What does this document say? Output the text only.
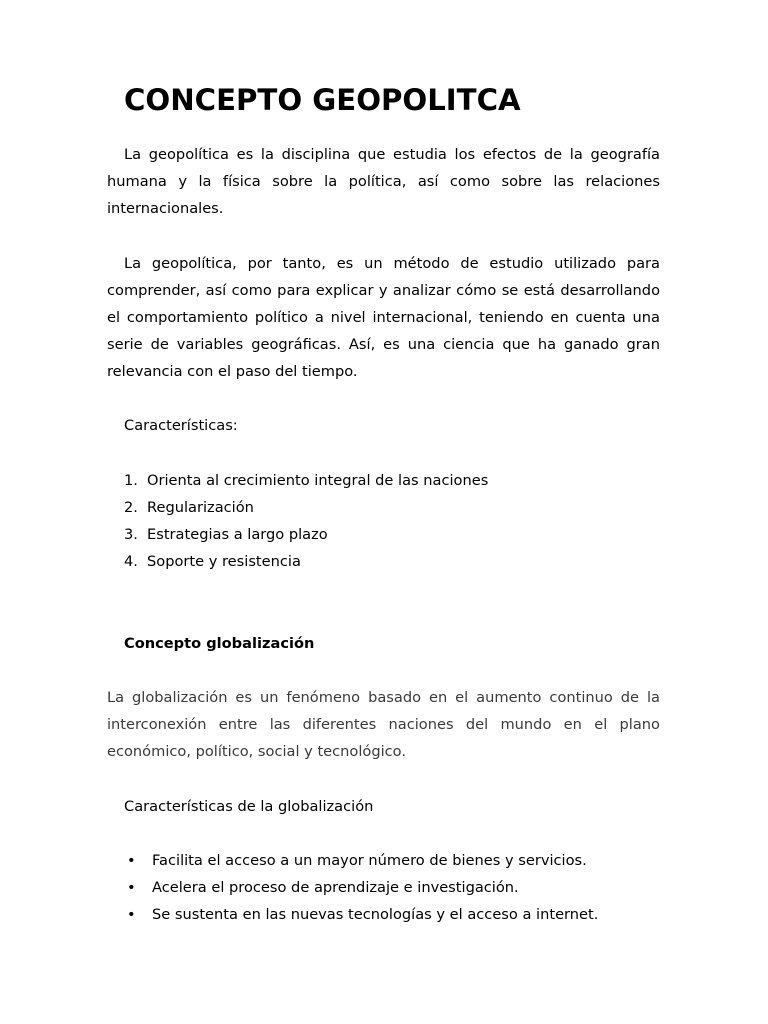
CONCEPTO GEOPOLITCA

La geopolítica es la disciplina que estudia los efectos de la geografía humana y la física sobre la política, así como sobre las relaciones internacionales.

La geopolítica, por tanto, es un método de estudio utilizado para comprender, así como para explicar y analizar cómo se está desarrollando el comportamiento político a nivel internacional, teniendo en cuenta una serie de variables geográficas. Así, es una ciencia que ha ganado gran relevancia con el paso del tiempo.

Características:

1. Orienta al crecimiento integral de las naciones
2. Regularización
3. Estrategias a largo plazo
4. Soporte y resistencia
Concepto globalización

La globalización es un fenómeno basado en el aumento continuo de la interconexión entre las diferentes naciones del mundo en el plano económico, político, social y tecnológico.

Características de la globalización

•	Facilita el acceso a un mayor número de bienes y servicios.
•	Acelera el proceso de aprendizaje e investigación.
•	Se sustenta en las nuevas tecnologías y el acceso a internet.
